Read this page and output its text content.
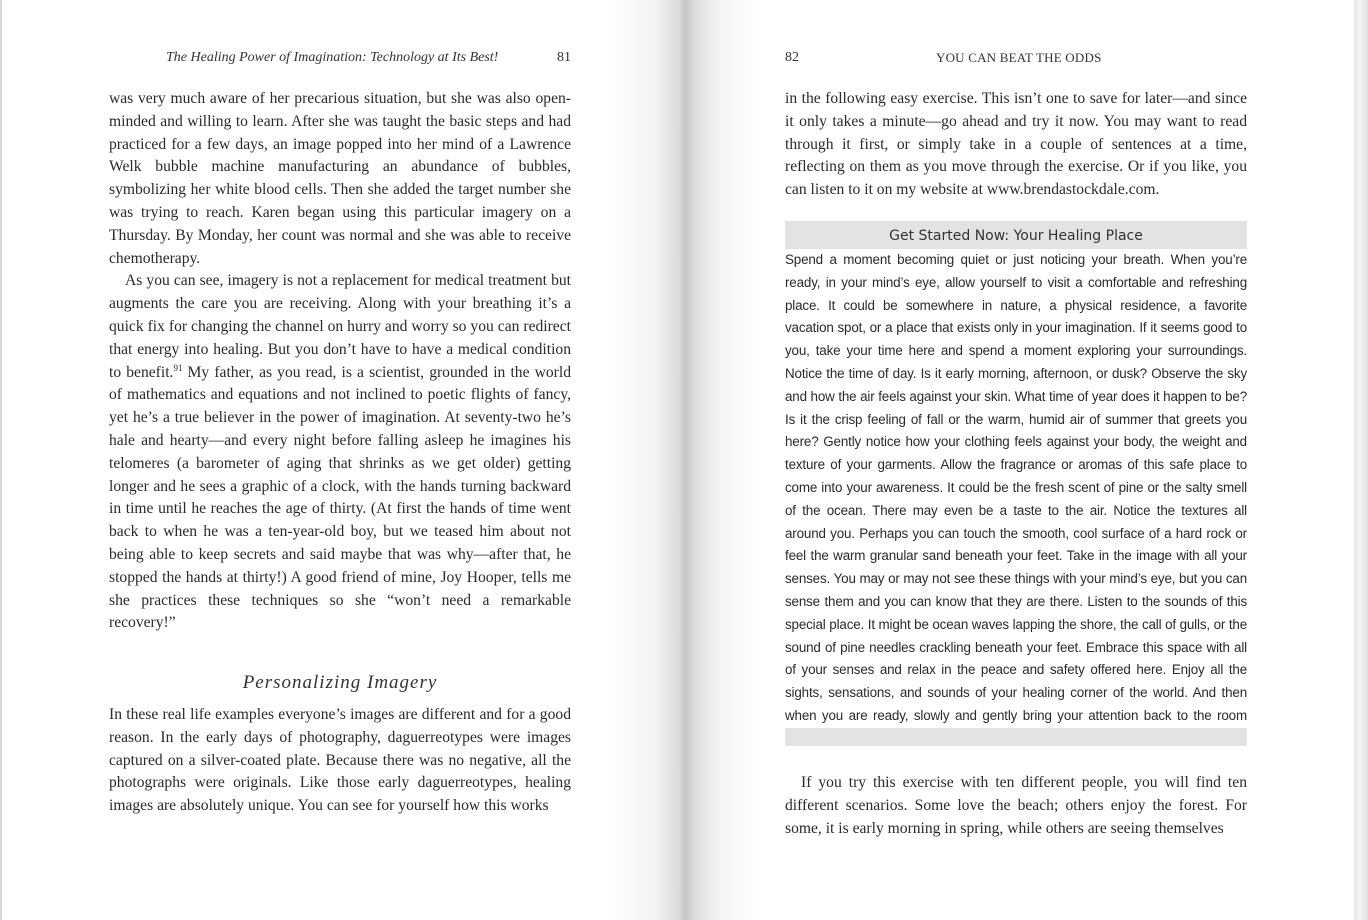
The Healing Power of Imagination: Technology at Its Best!	81

was very much aware of her precarious situation, but she was also open-minded and willing to learn. After she was taught the basic steps and had practiced for a few days, an image popped into her mind of a Lawrence Welk bubble machine manufacturing an abundance of bubbles, symbolizing her white blood cells. Then she added the target number she was trying to reach. Karen began using this particular imagery on a Thursday. By Monday, her count was normal and she was able to receive chemotherapy.

As you can see, imagery is not a replacement for medical treatment but augments the care you are receiving. Along with your breathing it’s a quick fix for changing the channel on hurry and worry so you can redirect that energy into healing. But you don’t have to have a medical condition to benefit.$^{91}$ My father, as you read, is a scientist, grounded in the world of mathematics and equations and not inclined to poetic flights of fancy, yet he’s a true believer in the power of imagination. At seventy-two he’s hale and hearty—and every night before falling asleep he imagines his telomeres (a barometer of aging that shrinks as we get older) getting longer and he sees a graphic of a clock, with the hands turning backward in time until he reaches the age of thirty. (At first the hands of time went back to when he was a ten-year-old boy, but we teased him about not being able to keep secrets and said maybe that was why—after that, he stopped the hands at thirty!) A good friend of mine, Joy Hooper, tells me she practices these techniques so she “won’t need a remarkable recovery!”

Personalizing Imagery

In these real life examples everyone’s images are different and for a good reason. In the early days of photography, daguerreotypes were images captured on a silver-coated plate. Because there was no negative, all the photographs were originals. Like those early daguerreotypes, healing images are absolutely unique. You can see for yourself how this works

82	YOU CAN BEAT THE ODDS

in the following easy exercise. This isn’t one to save for later—and since it only takes a minute—go ahead and try it now. You may want to read through it first, or simply take in a couple of sentences at a time, reflecting on them as you move through the exercise. Or if you like, you can listen to it on my website at www.brendastockdale.com.

Get Started Now: Your Healing Place
Spend a moment becoming quiet or just noticing your breath. When you’re ready, in your mind’s eye, allow yourself to visit a comfortable and refreshing place. It could be somewhere in nature, a physical residence, a favorite vacation spot, or a place that exists only in your imagination. If it seems good to you, take your time here and spend a moment exploring your surroundings. Notice the time of day. Is it early morning, afternoon, or dusk? Observe the sky and how the air feels against your skin. What time of year does it happen to be? Is it the crisp feeling of fall or the warm, humid air of summer that greets you here? Gently notice how your clothing feels against your body, the weight and texture of your garments. Allow the fragrance or aromas of this safe place to come into your awareness. It could be the fresh scent of pine or the salty smell of the ocean. There may even be a taste to the air. Notice the textures all around you. Perhaps you can touch the smooth, cool surface of a hard rock or feel the warm granular sand beneath your feet. Take in the image with all your senses. You may or may not see these things with your mind’s eye, but you can sense them and you can know that they are there. Listen to the sounds of this special place. It might be ocean waves lapping the shore, the call of gulls, or the sound of pine needles crackling beneath your feet. Embrace this space with all of your senses and relax in the peace and safety offered here. Enjoy all the sights, sensations, and sounds of your healing corner of the world. And then when you are ready, slowly and gently bring your attention back to the room

If you try this exercise with ten different people, you will find ten different scenarios. Some love the beach; others enjoy the forest. For some, it is early morning in spring, while others are seeing themselves
